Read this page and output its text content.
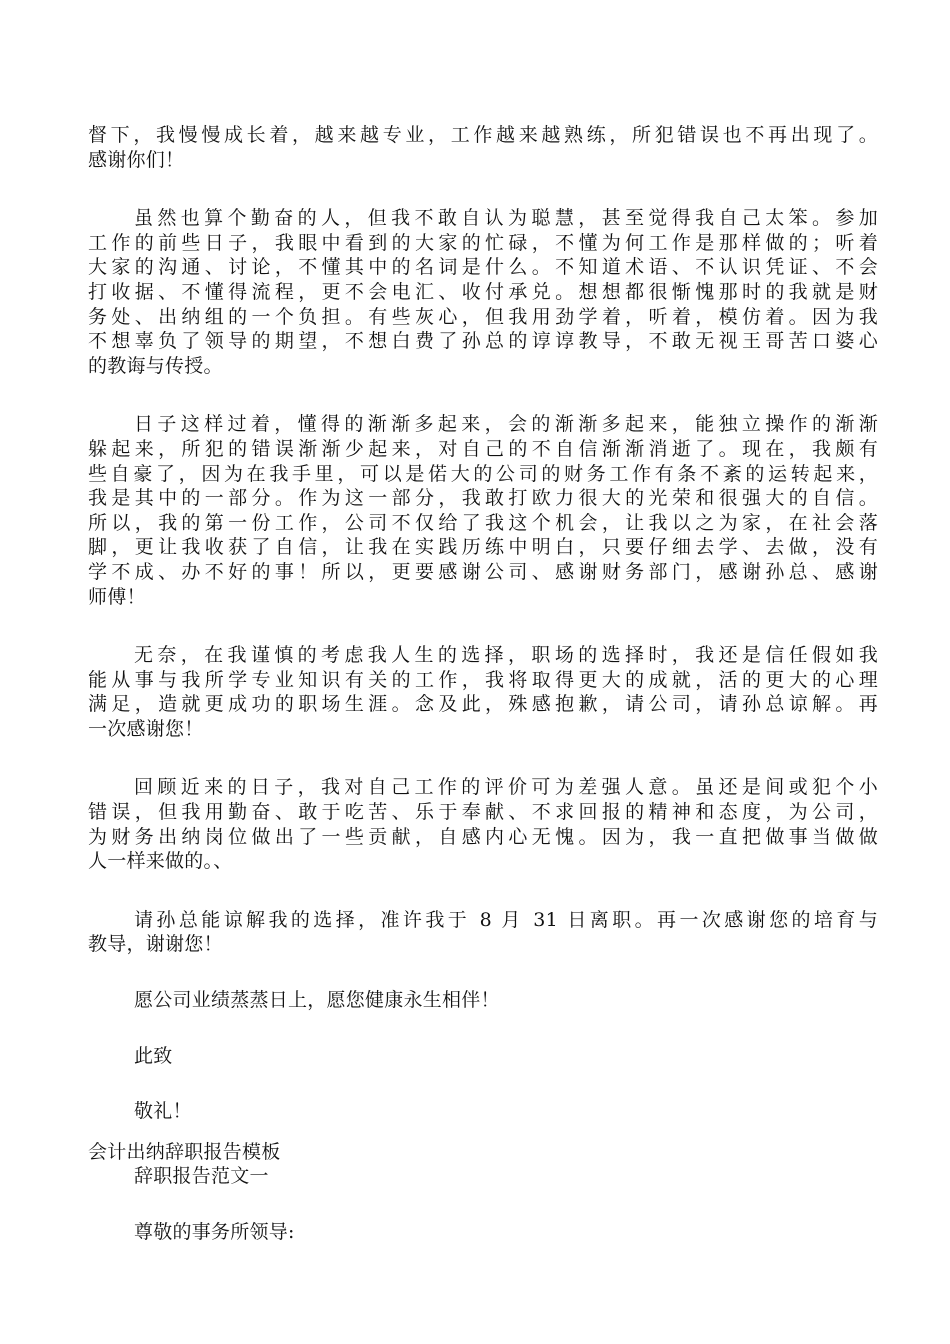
督下，我慢慢成长着，越来越专业，工作越来越熟练，所犯错误也不再出现了。
感谢你们！
虽然也算个勤奋的人，但我不敢自认为聪慧，甚至觉得我自己太笨。参加
工作的前些日子，我眼中看到的大家的忙碌，不懂为何工作是那样做的；听着
大家的沟通、讨论，不懂其中的名词是什么。不知道术语、不认识凭证、不会
打收据、不懂得流程，更不会电汇、收付承兑。想想都很惭愧那时的我就是财
务处、出纳组的一个负担。有些灰心，但我用劲学着，听着，模仿着。因为我
不想辜负了领导的期望，不想白费了孙总的谆谆教导，不敢无视王哥苦口婆心
的教诲与传授。
日子这样过着，懂得的渐渐多起来，会的渐渐多起来，能独立操作的渐渐
躲起来，所犯的错误渐渐少起来，对自己的不自信渐渐消逝了。现在，我颇有
些自豪了，因为在我手里，可以是偌大的公司的财务工作有条不紊的运转起来，
我是其中的一部分。作为这一部分，我敢打欧力很大的光荣和很强大的自信。
所以，我的第一份工作，公司不仅给了我这个机会，让我以之为家，在社会落
脚，更让我收获了自信，让我在实践历练中明白，只要仔细去学、去做，没有
学不成、办不好的事！所以，更要感谢公司、感谢财务部门，感谢孙总、感谢
师傅！
无奈，在我谨慎的考虑我人生的选择，职场的选择时，我还是信任假如我
能从事与我所学专业知识有关的工作，我将取得更大的成就，活的更大的心理
满足，造就更成功的职场生涯。念及此，殊感抱歉，请公司，请孙总谅解。再
一次感谢您！
回顾近来的日子，我对自己工作的评价可为差强人意。虽还是间或犯个小
错误，但我用勤奋、敢于吃苦、乐于奉献、不求回报的精神和态度，为公司，
为财务出纳岗位做出了一些贡献，自感内心无愧。因为，我一直把做事当做做
人一样来做的。、
请孙总能谅解我的选择，准许我于 8 月 31 日离职。再一次感谢您的培育与
教导，谢谢您！
愿公司业绩蒸蒸日上，愿您健康永生相伴！
此致
敬礼！
会计出纳辞职报告模板
辞职报告范文一
尊敬的事务所领导:
